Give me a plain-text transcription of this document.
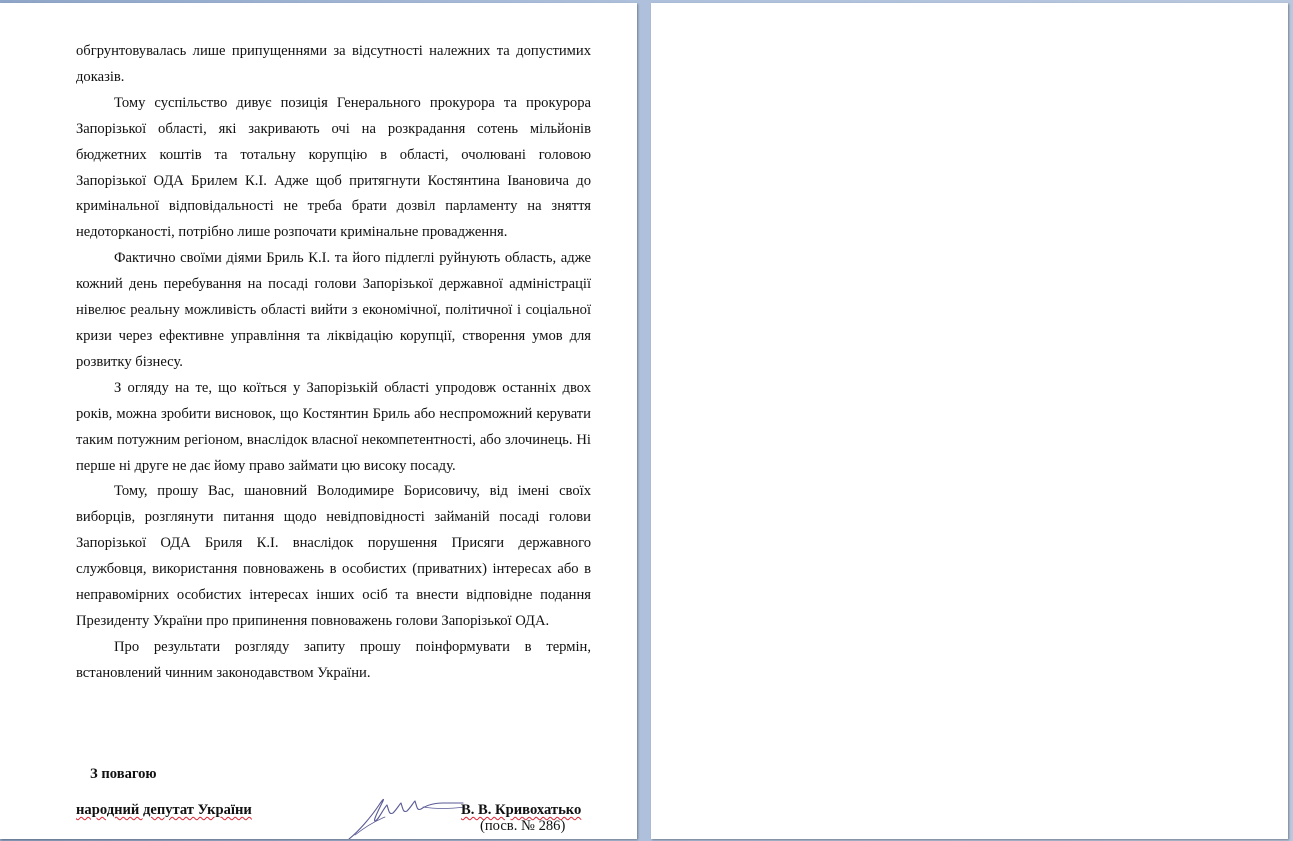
обгрунтовувалась лише припущеннями за відсутності належних та допустимих доказів.

Тому суспільство дивує позиція Генерального прокурора та прокурора Запорізької області, які закривають очі на розкрадання сотень мільйонів бюджетних коштів та тотальну корупцію в області, очолювані головою Запорізької ОДА Брилем К.І. Адже щоб притягнути Костянтина Івановича до кримінальної відповідальності не треба брати дозвіл парламенту на зняття недоторканості, потрібно лише розпочати кримінальне провадження.

Фактично своїми діями Бриль К.І. та його підлеглі руйнують область, адже кожний день перебування на посаді голови Запорізької державної адміністрації нівелює реальну можливість області вийти з економічної, політичної і соціальної кризи через ефективне управління та ліквідацію корупції, створення умов для розвитку бізнесу.

З огляду на те, що коїться у Запорізькій області упродовж останніх двох років, можна зробити висновок, що Костянтин Бриль або неспроможний керувати таким потужним регіоном, внаслідок власної некомпетентності, або злочинець. Ні перше ні друге не дає йому право займати цю високу посаду.

Тому, прошу Вас, шановний Володимире Борисовичу, від імені своїх виборців, розглянути питання щодо невідповідності займаній посаді голови Запорізької ОДА Бриля К.І. внаслідок порушення Присяги державного службовця, використання повноважень в особистих (приватних) інтересах або в неправомірних особистих інтересах інших осіб та внести відповідне подання Президенту України про припинення повноважень голови Запорізької ОДА.

Про результати розгляду запиту прошу поінформувати в термін, встановлений чинним законодавством України.

З повагою
народний депутат України	В. В. Кривохатько
(посв. № 286)
